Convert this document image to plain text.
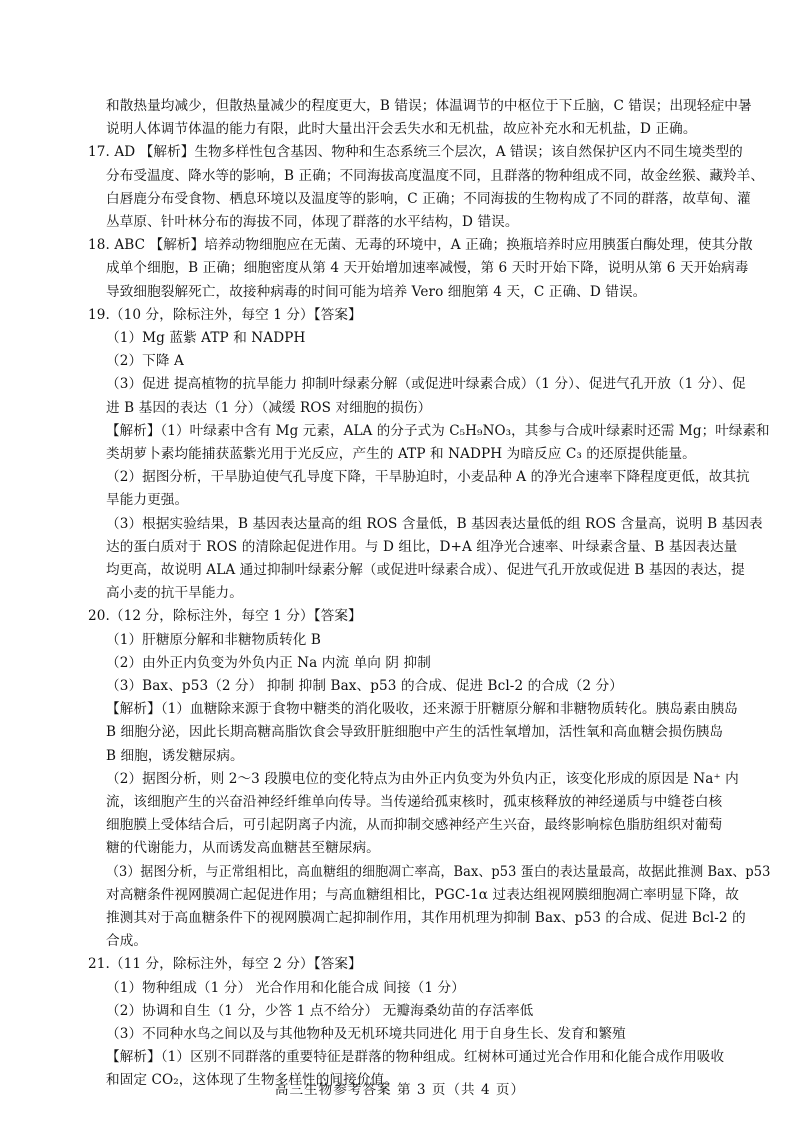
和散热量均减少，但散热量减少的程度更大，B 错误；体温调节的中枢位于下丘脑，C 错误；出现轻症中暑
说明人体调节体温的能力有限，此时大量出汗会丢失水和无机盐，故应补充水和无机盐，D 正确。
17. AD 【解析】生物多样性包含基因、物种和生态系统三个层次，A 错误；该自然保护区内不同生境类型的
分布受温度、降水等的影响，B 正确；不同海拔高度温度不同，且群落的物种组成不同，故金丝猴、藏羚羊、
白唇鹿分布受食物、栖息环境以及温度等的影响，C 正确；不同海拔的生物构成了不同的群落，故草甸、灌
丛草原、针叶林分布的海拔不同，体现了群落的水平结构，D 错误。
18. ABC 【解析】培养动物细胞应在无菌、无毒的环境中，A 正确；换瓶培养时应用胰蛋白酶处理，使其分散
成单个细胞，B 正确；细胞密度从第 4 天开始增加速率减慢，第 6 天时开始下降，说明从第 6 天开始病毒
导致细胞裂解死亡，故接种病毒的时间可能为培养 Vero 细胞第 4 天，C 正确、D 错误。
19.（10 分，除标注外，每空 1 分）【答案】
（1）Mg 蓝紫 ATP 和 NADPH
（2）下降 A
（3）促进 提高植物的抗旱能力 抑制叶绿素分解（或促进叶绿素合成）（1 分）、促进气孔开放（1 分）、促
进 B 基因的表达（1 分）（减缓 ROS 对细胞的损伤）
【解析】（1）叶绿素中含有 Mg 元素，ALA 的分子式为 C₅H₉NO₃，其参与合成叶绿素时还需 Mg；叶绿素和
类胡萝卜素均能捕获蓝紫光用于光反应，产生的 ATP 和 NADPH 为暗反应 C₃ 的还原提供能量。
（2）据图分析，干旱胁迫使气孔导度下降，干旱胁迫时，小麦品种 A 的净光合速率下降程度更低，故其抗
旱能力更强。
（3）根据实验结果，B 基因表达量高的组 ROS 含量低，B 基因表达量低的组 ROS 含量高，说明 B 基因表
达的蛋白质对于 ROS 的清除起促进作用。与 D 组比，D+A 组净光合速率、叶绿素含量、B 基因表达量
均更高，故说明 ALA 通过抑制叶绿素分解（或促进叶绿素合成）、促进气孔开放或促进 B 基因的表达，提
高小麦的抗干旱能力。
20.（12 分，除标注外，每空 1 分）【答案】
（1）肝糖原分解和非糖物质转化 B
（2）由外正内负变为外负内正 Na 内流 单向 阴 抑制
（3）Bax、p53（2 分） 抑制 抑制 Bax、p53 的合成、促进 Bcl-2 的合成（2 分）
【解析】（1）血糖除来源于食物中糖类的消化吸收，还来源于肝糖原分解和非糖物质转化。胰岛素由胰岛
B 细胞分泌，因此长期高糖高脂饮食会导致肝脏细胞中产生的活性氧增加，活性氧和高血糖会损伤胰岛
B 细胞，诱发糖尿病。
（2）据图分析，则 2～3 段膜电位的变化特点为由外正内负变为外负内正，该变化形成的原因是 Na⁺ 内
流，该细胞产生的兴奋沿神经纤维单向传导。当传递给孤束核时，孤束核释放的神经递质与中缝苍白核
细胞膜上受体结合后，可引起阴离子内流，从而抑制交感神经产生兴奋，最终影响棕色脂肪组织对葡萄
糖的代谢能力，从而诱发高血糖甚至糖尿病。
（3）据图分析，与正常组相比，高血糖组的细胞凋亡率高，Bax、p53 蛋白的表达量最高，故据此推测 Bax、p53
对高糖条件视网膜凋亡起促进作用；与高血糖组相比，PGC-1α 过表达组视网膜细胞凋亡率明显下降，故
推测其对于高血糖条件下的视网膜凋亡起抑制作用，其作用机理为抑制 Bax、p53 的合成、促进 Bcl-2 的
合成。
21.（11 分，除标注外，每空 2 分）【答案】
（1）物种组成（1 分） 光合作用和化能合成 间接（1 分）
（2）协调和自生（1 分，少答 1 点不给分） 无瓣海桑幼苗的存活率低
（3）不同种水鸟之间以及与其他物种及无机环境共同进化 用于自身生长、发育和繁殖
【解析】（1）区别不同群落的重要特征是群落的物种组成。红树林可通过光合作用和化能合成作用吸收
和固定 CO₂，这体现了生物多样性的间接价值。
高三生物参考答案 第 3 页（共 4 页）
